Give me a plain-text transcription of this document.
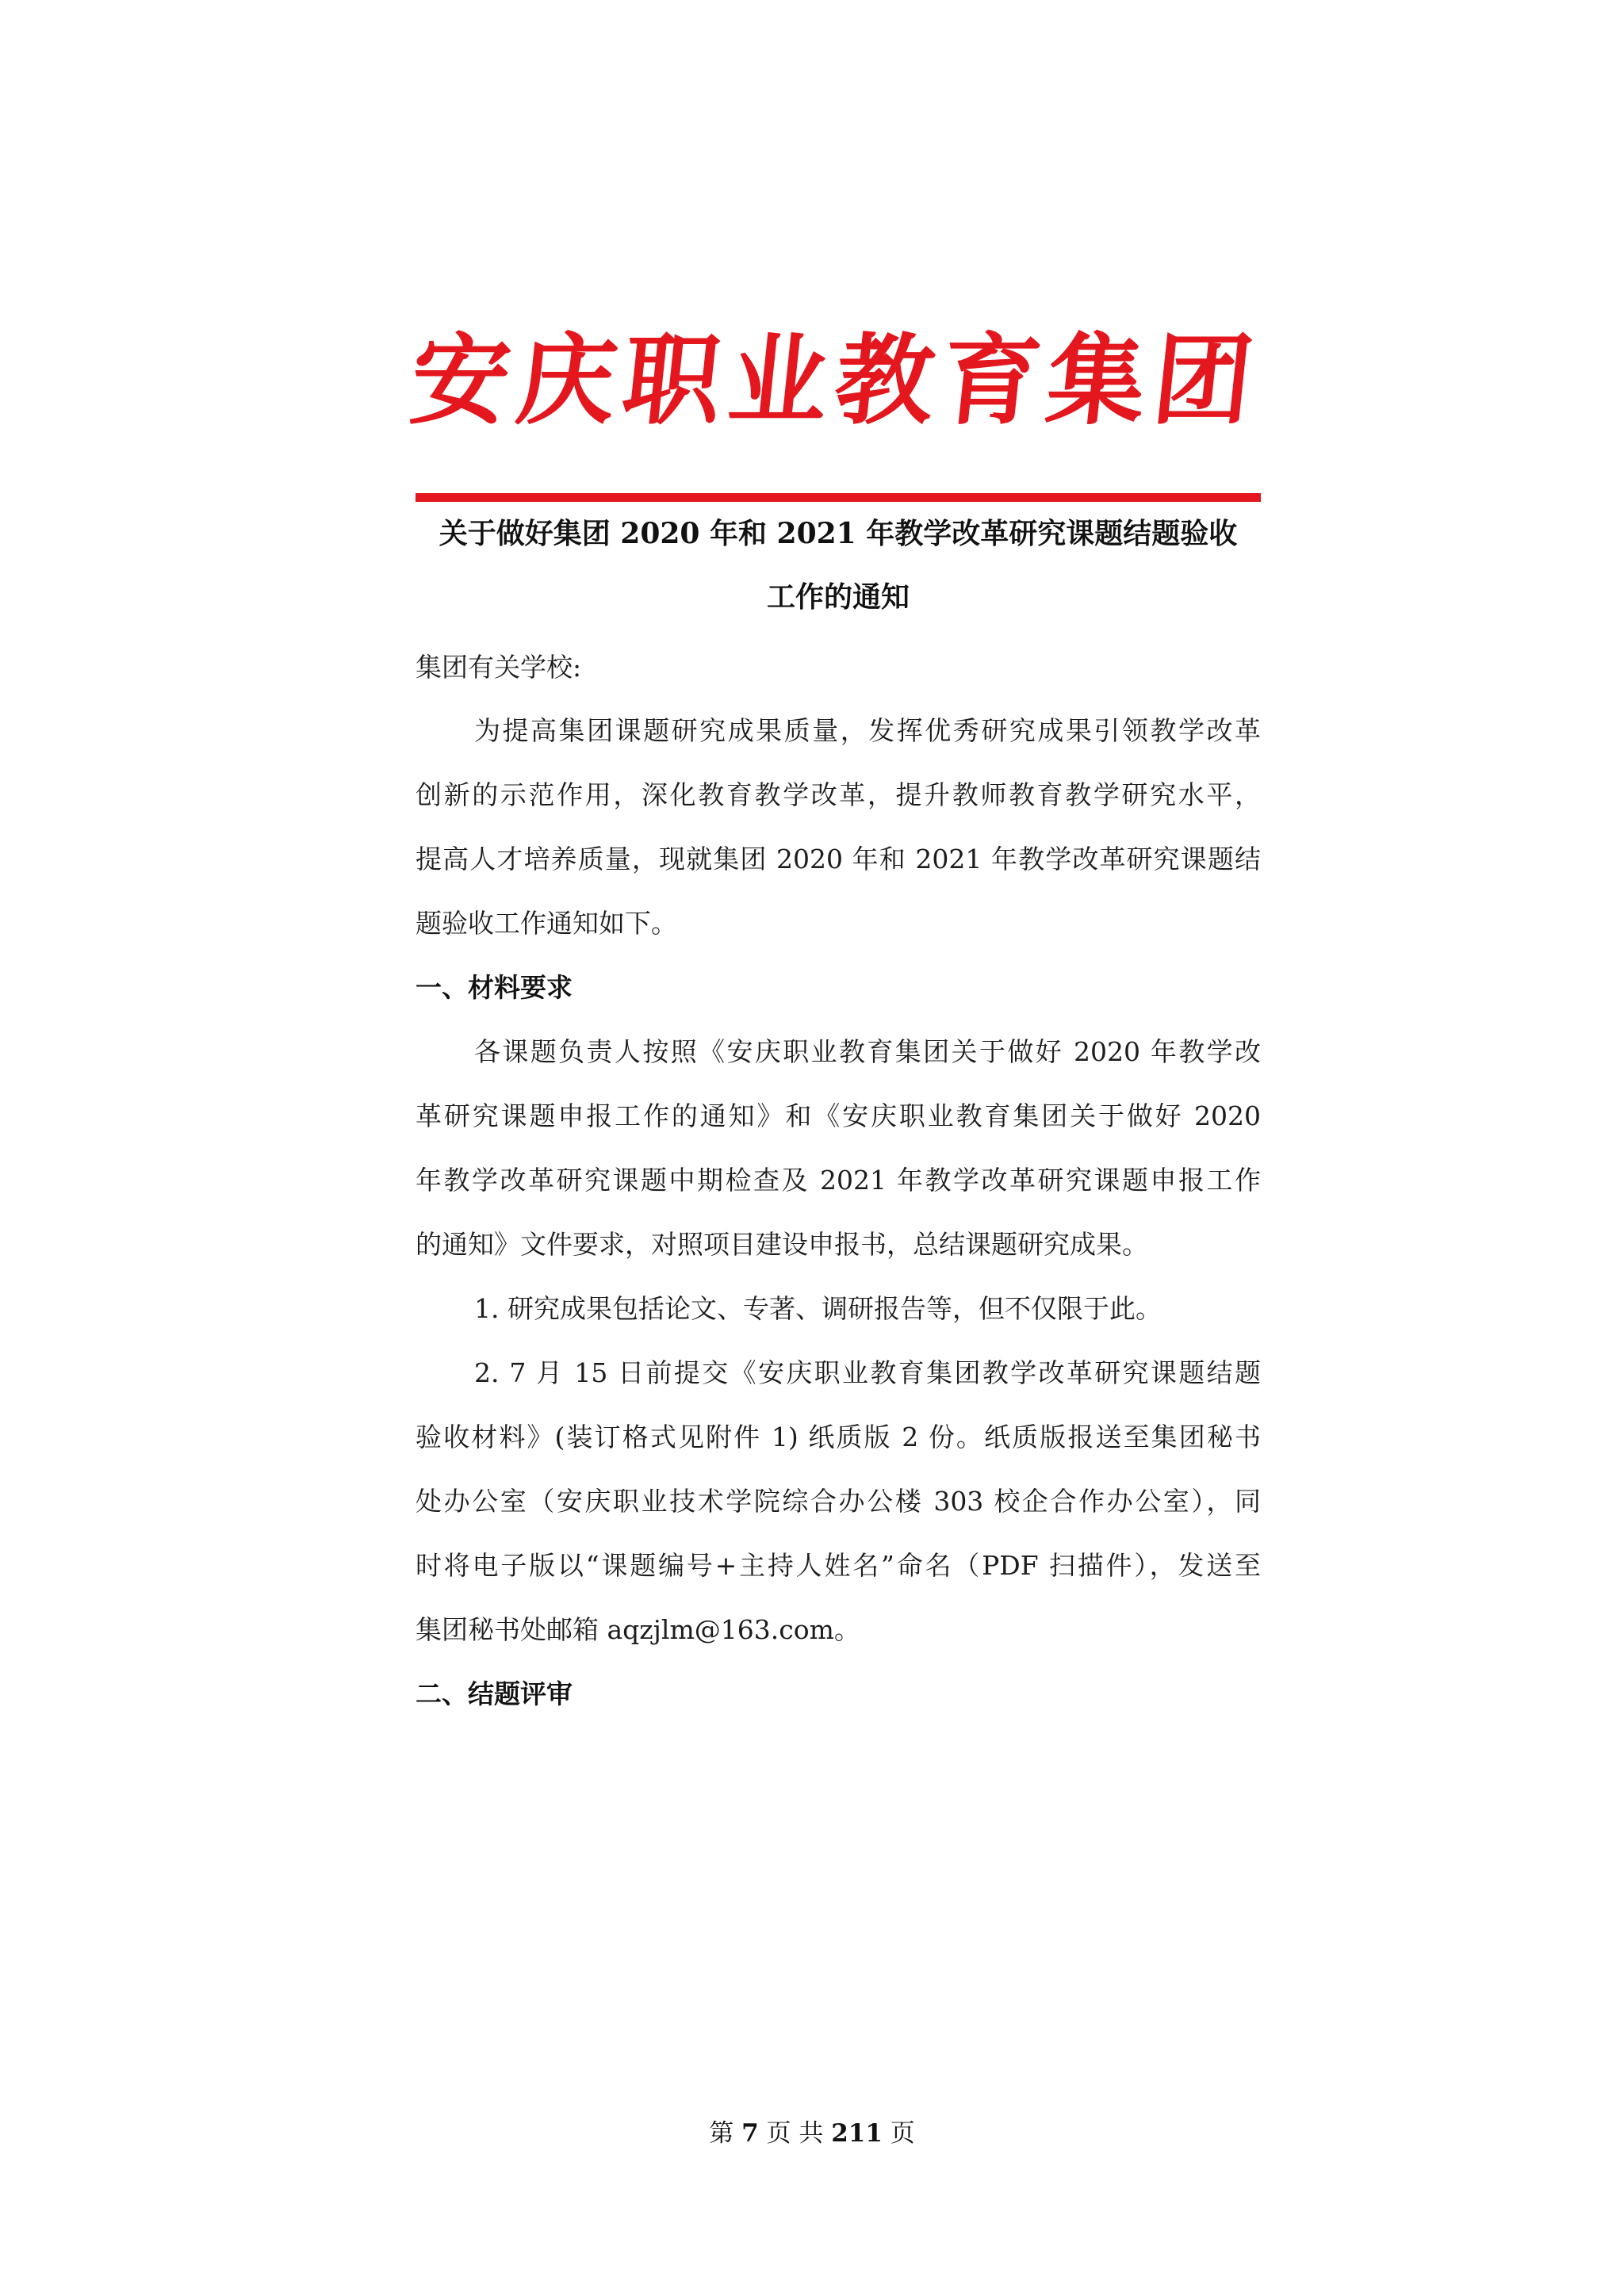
安
庆
职
业
教
育
集
团
关于做好集团 2020 年和 2021 年教学改革研究课题结题验收
工作的通知
集团有关学校:
为提高集团课题研究成果质量，发挥优秀研究成果引领教学改革
创新的示范作用，深化教育教学改革，提升教师教育教学研究水平，
提高人才培养质量，现就集团 2020 年和 2021 年教学改革研究课题结
题验收工作通知如下。
一、材料要求
各课题负责人按照《安庆职业教育集团关于做好 2020 年教学改
革研究课题申报工作的通知》和《安庆职业教育集团关于做好 2020
年教学改革研究课题中期检查及 2021 年教学改革研究课题申报工作
的通知》文件要求，对照项目建设申报书，总结课题研究成果。
1. 研究成果包括论文、专著、调研报告等，但不仅限于此。
2. 7 月 15 日前提交《安庆职业教育集团教学改革研究课题结题
验收材料》(装订格式见附件 1) 纸质版 2 份。纸质版报送至集团秘书
处办公室（安庆职业技术学院综合办公楼 303 校企合作办公室），同
时将电子版以“课题编号+主持人姓名”命名（PDF 扫描件），发送至
集团秘书处邮箱 aqzjlm@163.com。
二、结题评审
第 7 页 共 211 页
